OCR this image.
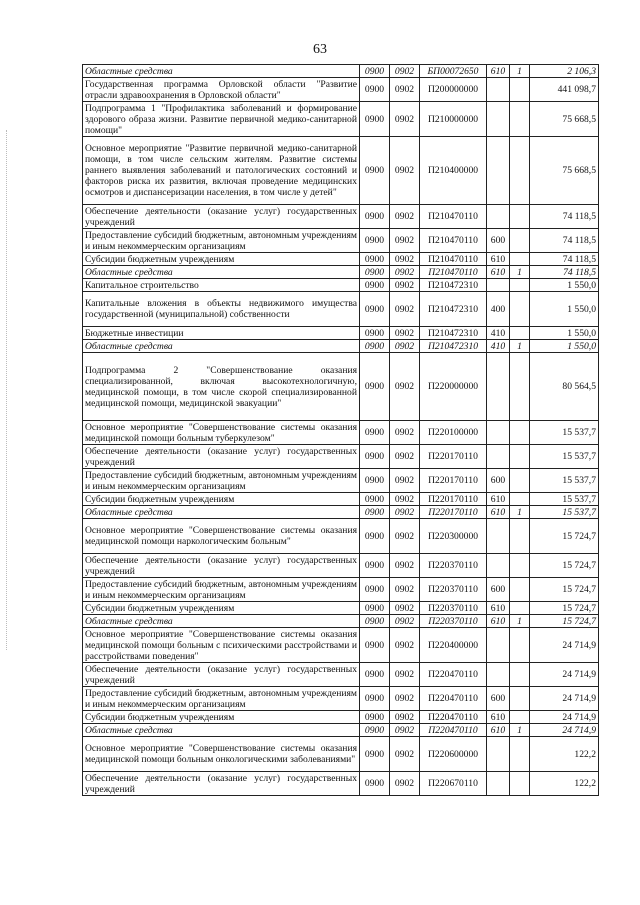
63
Областные средства	0900	0902	БП00072650	610	1	2 106,3
Государственная программа Орловской области "Развитие отрасли здравоохранения в Орловской области"	0900	0902	П200000000			441 098,7
Подпрограмма 1 "Профилактика заболеваний и формирование здорового образа жизни. Развитие первичной медико-санитарной помощи"	0900	0902	П210000000			75 668,5
Основное мероприятие "Развитие первичной медико-санитарной помощи, в том числе сельским жителям. Развитие системы раннего выявления заболеваний и патологических состояний и факторов риска их развития, включая проведение медицинских осмотров и диспансеризации населения, в том числе у детей"	0900	0902	П210400000			75 668,5
Обеспечение деятельности (оказание услуг) государственных учреждений	0900	0902	П210470110			74 118,5
Предоставление субсидий бюджетным, автономным учреждениям и иным некоммерческим организациям	0900	0902	П210470110	600		74 118,5
Субсидии бюджетным учреждениям	0900	0902	П210470110	610		74 118,5
Областные средства	0900	0902	П210470110	610	1	74 118,5
Капитальное строительство	0900	0902	П210472310			1 550,0
Капитальные вложения в объекты недвижимого имущества государственной (муниципальной) собственности	0900	0902	П210472310	400		1 550,0
Бюджетные инвестиции	0900	0902	П210472310	410		1 550,0
Областные средства	0900	0902	П210472310	410	1	1 550,0
Подпрограмма 2 "Совершенствование оказания специализированной, включая высокотехнологичную, медицинской помощи, в том числе скорой специализированной медицинской помощи, медицинской эвакуации"	0900	0902	П220000000			80 564,5
Основное мероприятие "Совершенствование системы оказания медицинской помощи больным туберкулезом"	0900	0902	П220100000			15 537,7
Обеспечение деятельности (оказание услуг) государственных учреждений	0900	0902	П220170110			15 537,7
Предоставление субсидий бюджетным, автономным учреждениям и иным некоммерческим организациям	0900	0902	П220170110	600		15 537,7
Субсидии бюджетным учреждениям	0900	0902	П220170110	610		15 537,7
Областные средства	0900	0902	П220170110	610	1	15 537,7
Основное мероприятие "Совершенствование системы оказания медицинской помощи наркологическим больным"	0900	0902	П220300000			15 724,7
Обеспечение деятельности (оказание услуг) государственных учреждений	0900	0902	П220370110			15 724,7
Предоставление субсидий бюджетным, автономным учреждениям и иным некоммерческим организациям	0900	0902	П220370110	600		15 724,7
Субсидии бюджетным учреждениям	0900	0902	П220370110	610		15 724,7
Областные средства	0900	0902	П220370110	610	1	15 724,7
Основное мероприятие "Совершенствование системы оказания медицинской помощи больным с психическими расстройствами и расстройствами поведения"	0900	0902	П220400000			24 714,9
Обеспечение деятельности (оказание услуг) государственных учреждений	0900	0902	П220470110			24 714,9
Предоставление субсидий бюджетным, автономным учреждениям и иным некоммерческим организациям	0900	0902	П220470110	600		24 714,9
Субсидии бюджетным учреждениям	0900	0902	П220470110	610		24 714,9
Областные средства	0900	0902	П220470110	610	1	24 714,9
Основное мероприятие "Совершенствование системы оказания медицинской помощи больным онкологическими заболеваниями"	0900	0902	П220600000			122,2
Обеспечение деятельности (оказание услуг) государственных учреждений	0900	0902	П220670110			122,2
